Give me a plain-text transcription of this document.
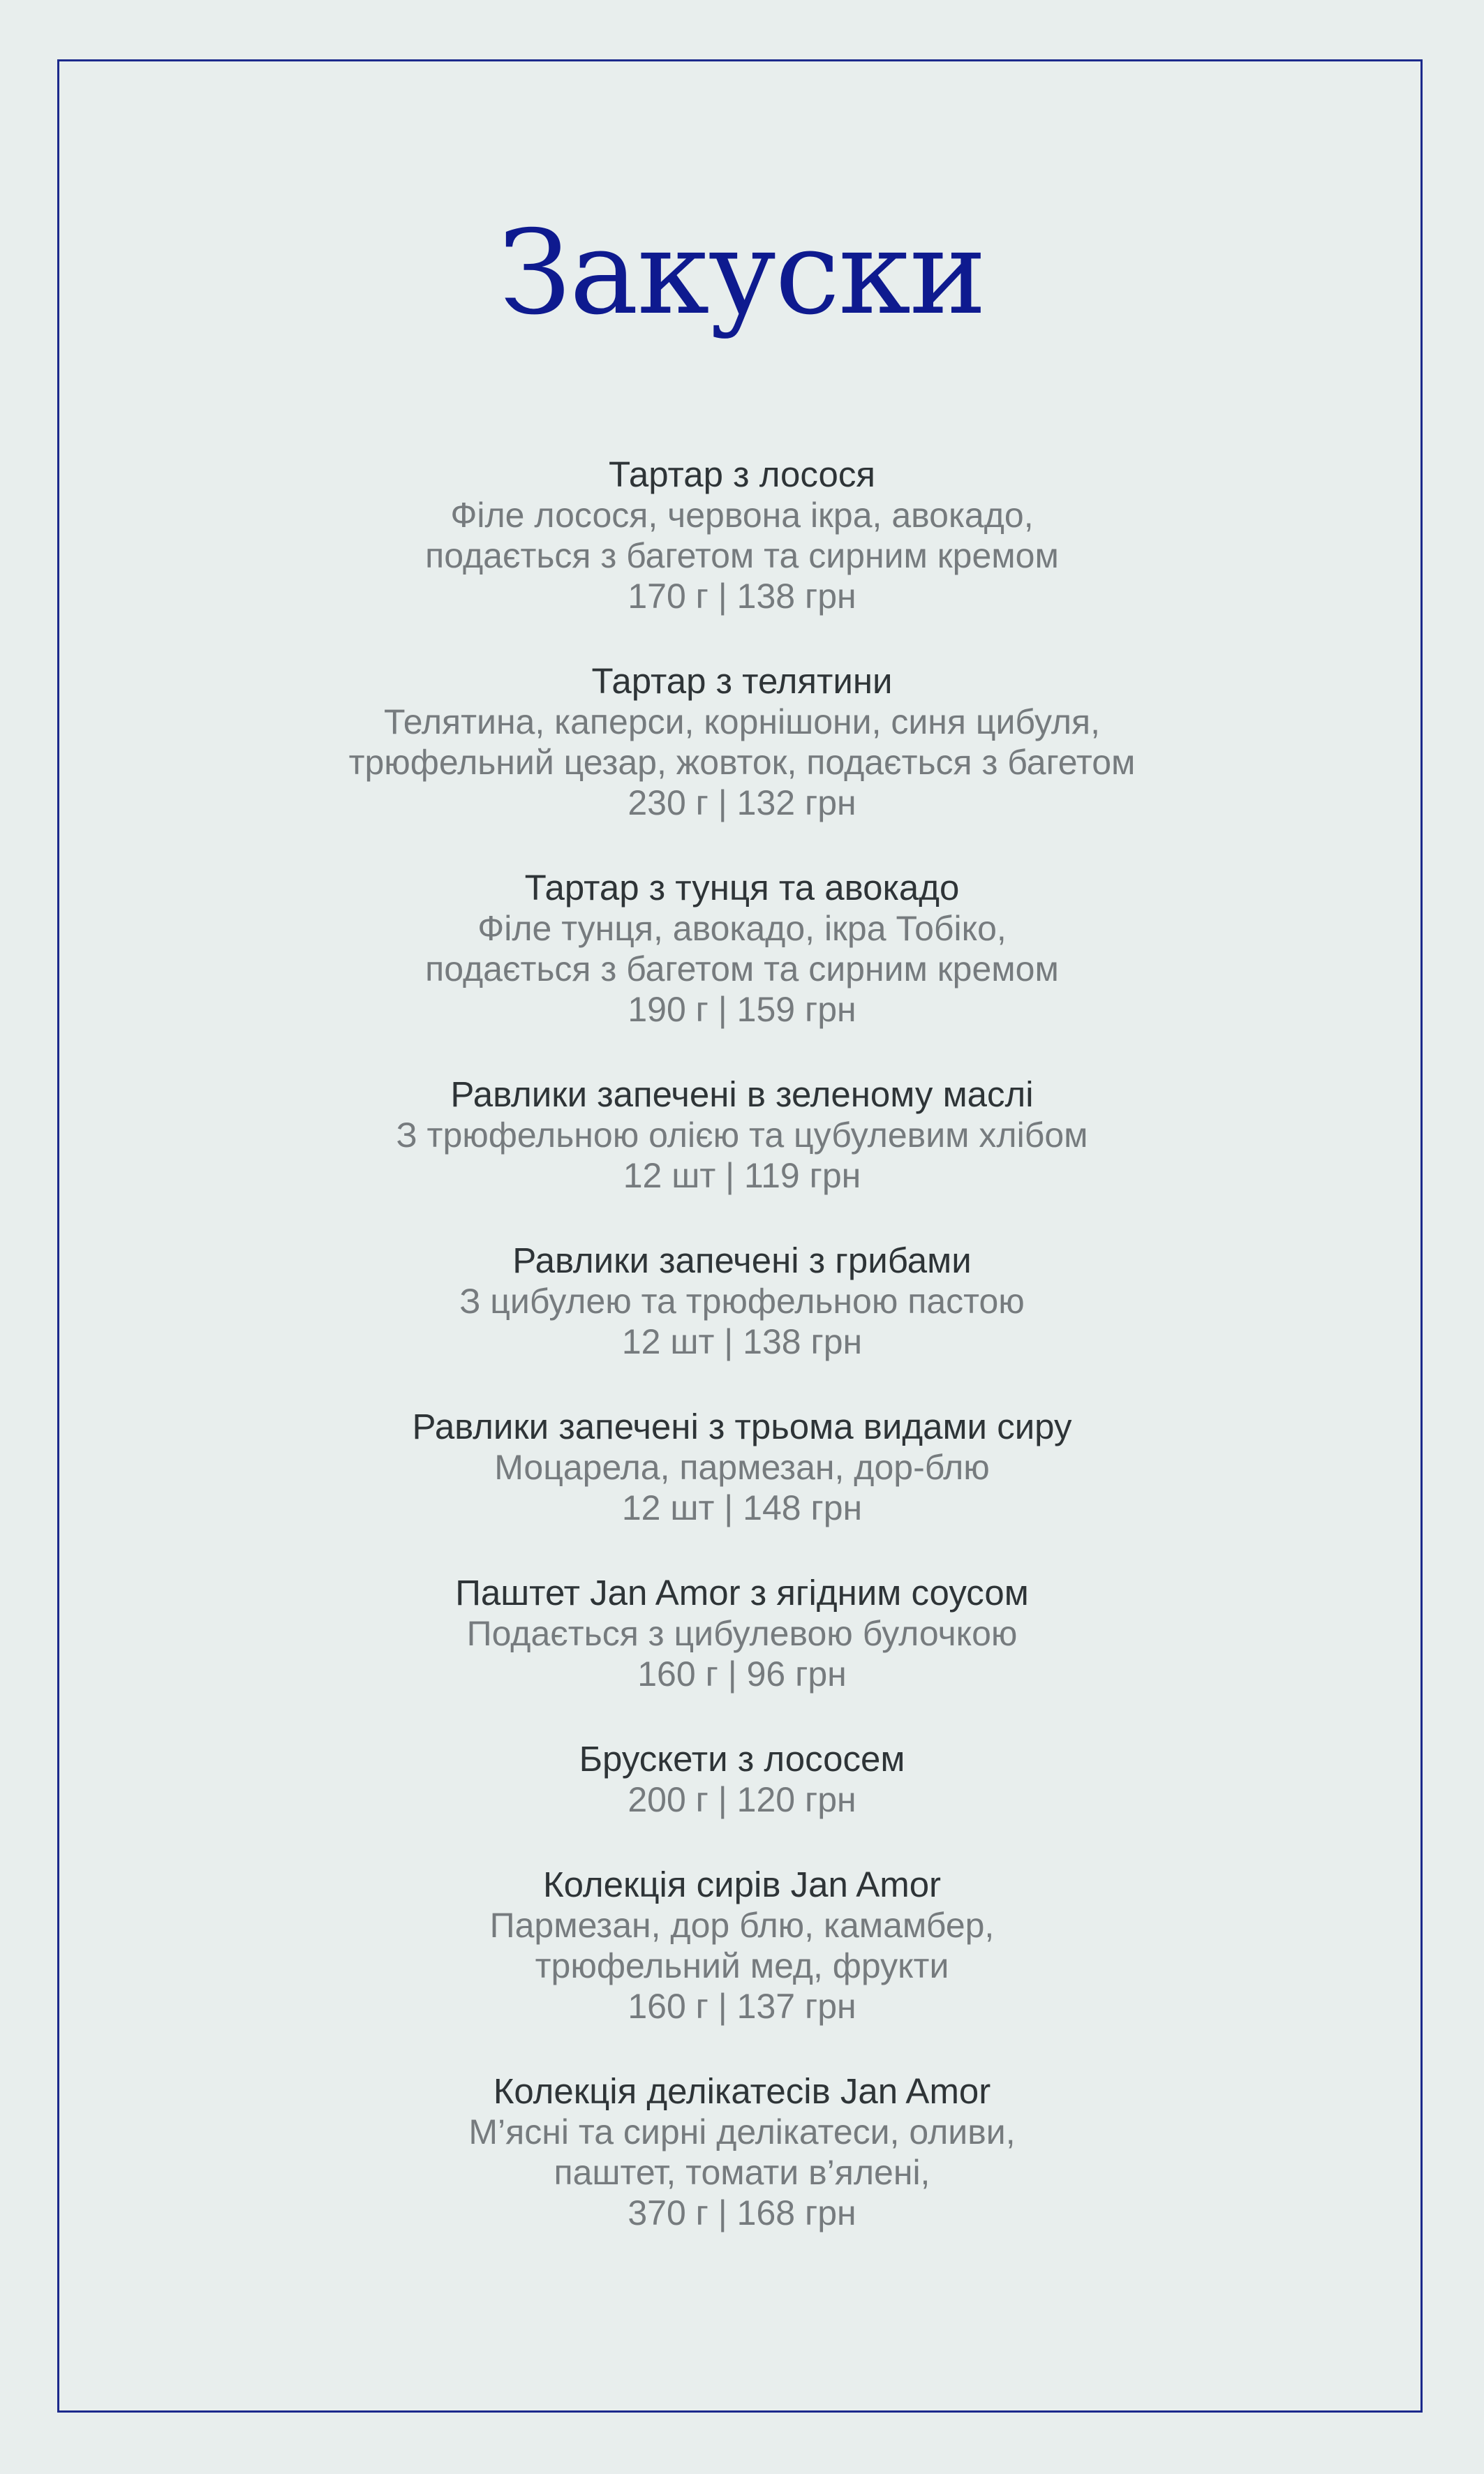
Закуски
Тартар з лосося
Філе лосося, червона ікра, авокадо,
подається з багетом та сирним кремом
170 г | 138 грн
Тартар з телятини
Телятина, каперси, корнішони, синя цибуля,
трюфельний цезар, жовток, подається з багетом
230 г | 132 грн
Тартар з тунця та авокадо
Філе тунця, авокадо, ікра Тобіко,
подається з багетом та сирним кремом
190 г | 159 грн
Равлики запечені в зеленому маслі
З трюфельною олією та цубулевим хлібом
12 шт | 119 грн
Равлики запечені з грибами
З цибулею та трюфельною пастою
12 шт | 138 грн
Равлики запечені з трьома видами сиру
Моцарела, пармезан, дор-блю
12 шт | 148 грн
Паштет Jan Amor з ягідним соусом
Подається з цибулевою булочкою
160 г | 96 грн
Брускети з лососем
200 г | 120 грн
Колекція сирів Jan Amor
Пармезан, дор блю, камамбер,
трюфельний мед, фрукти
160 г | 137 грн
Колекція делікатесів Jan Amor
М’ясні та сирні делікатеси, оливи,
паштет, томати в’ялені,
370 г | 168 грн
